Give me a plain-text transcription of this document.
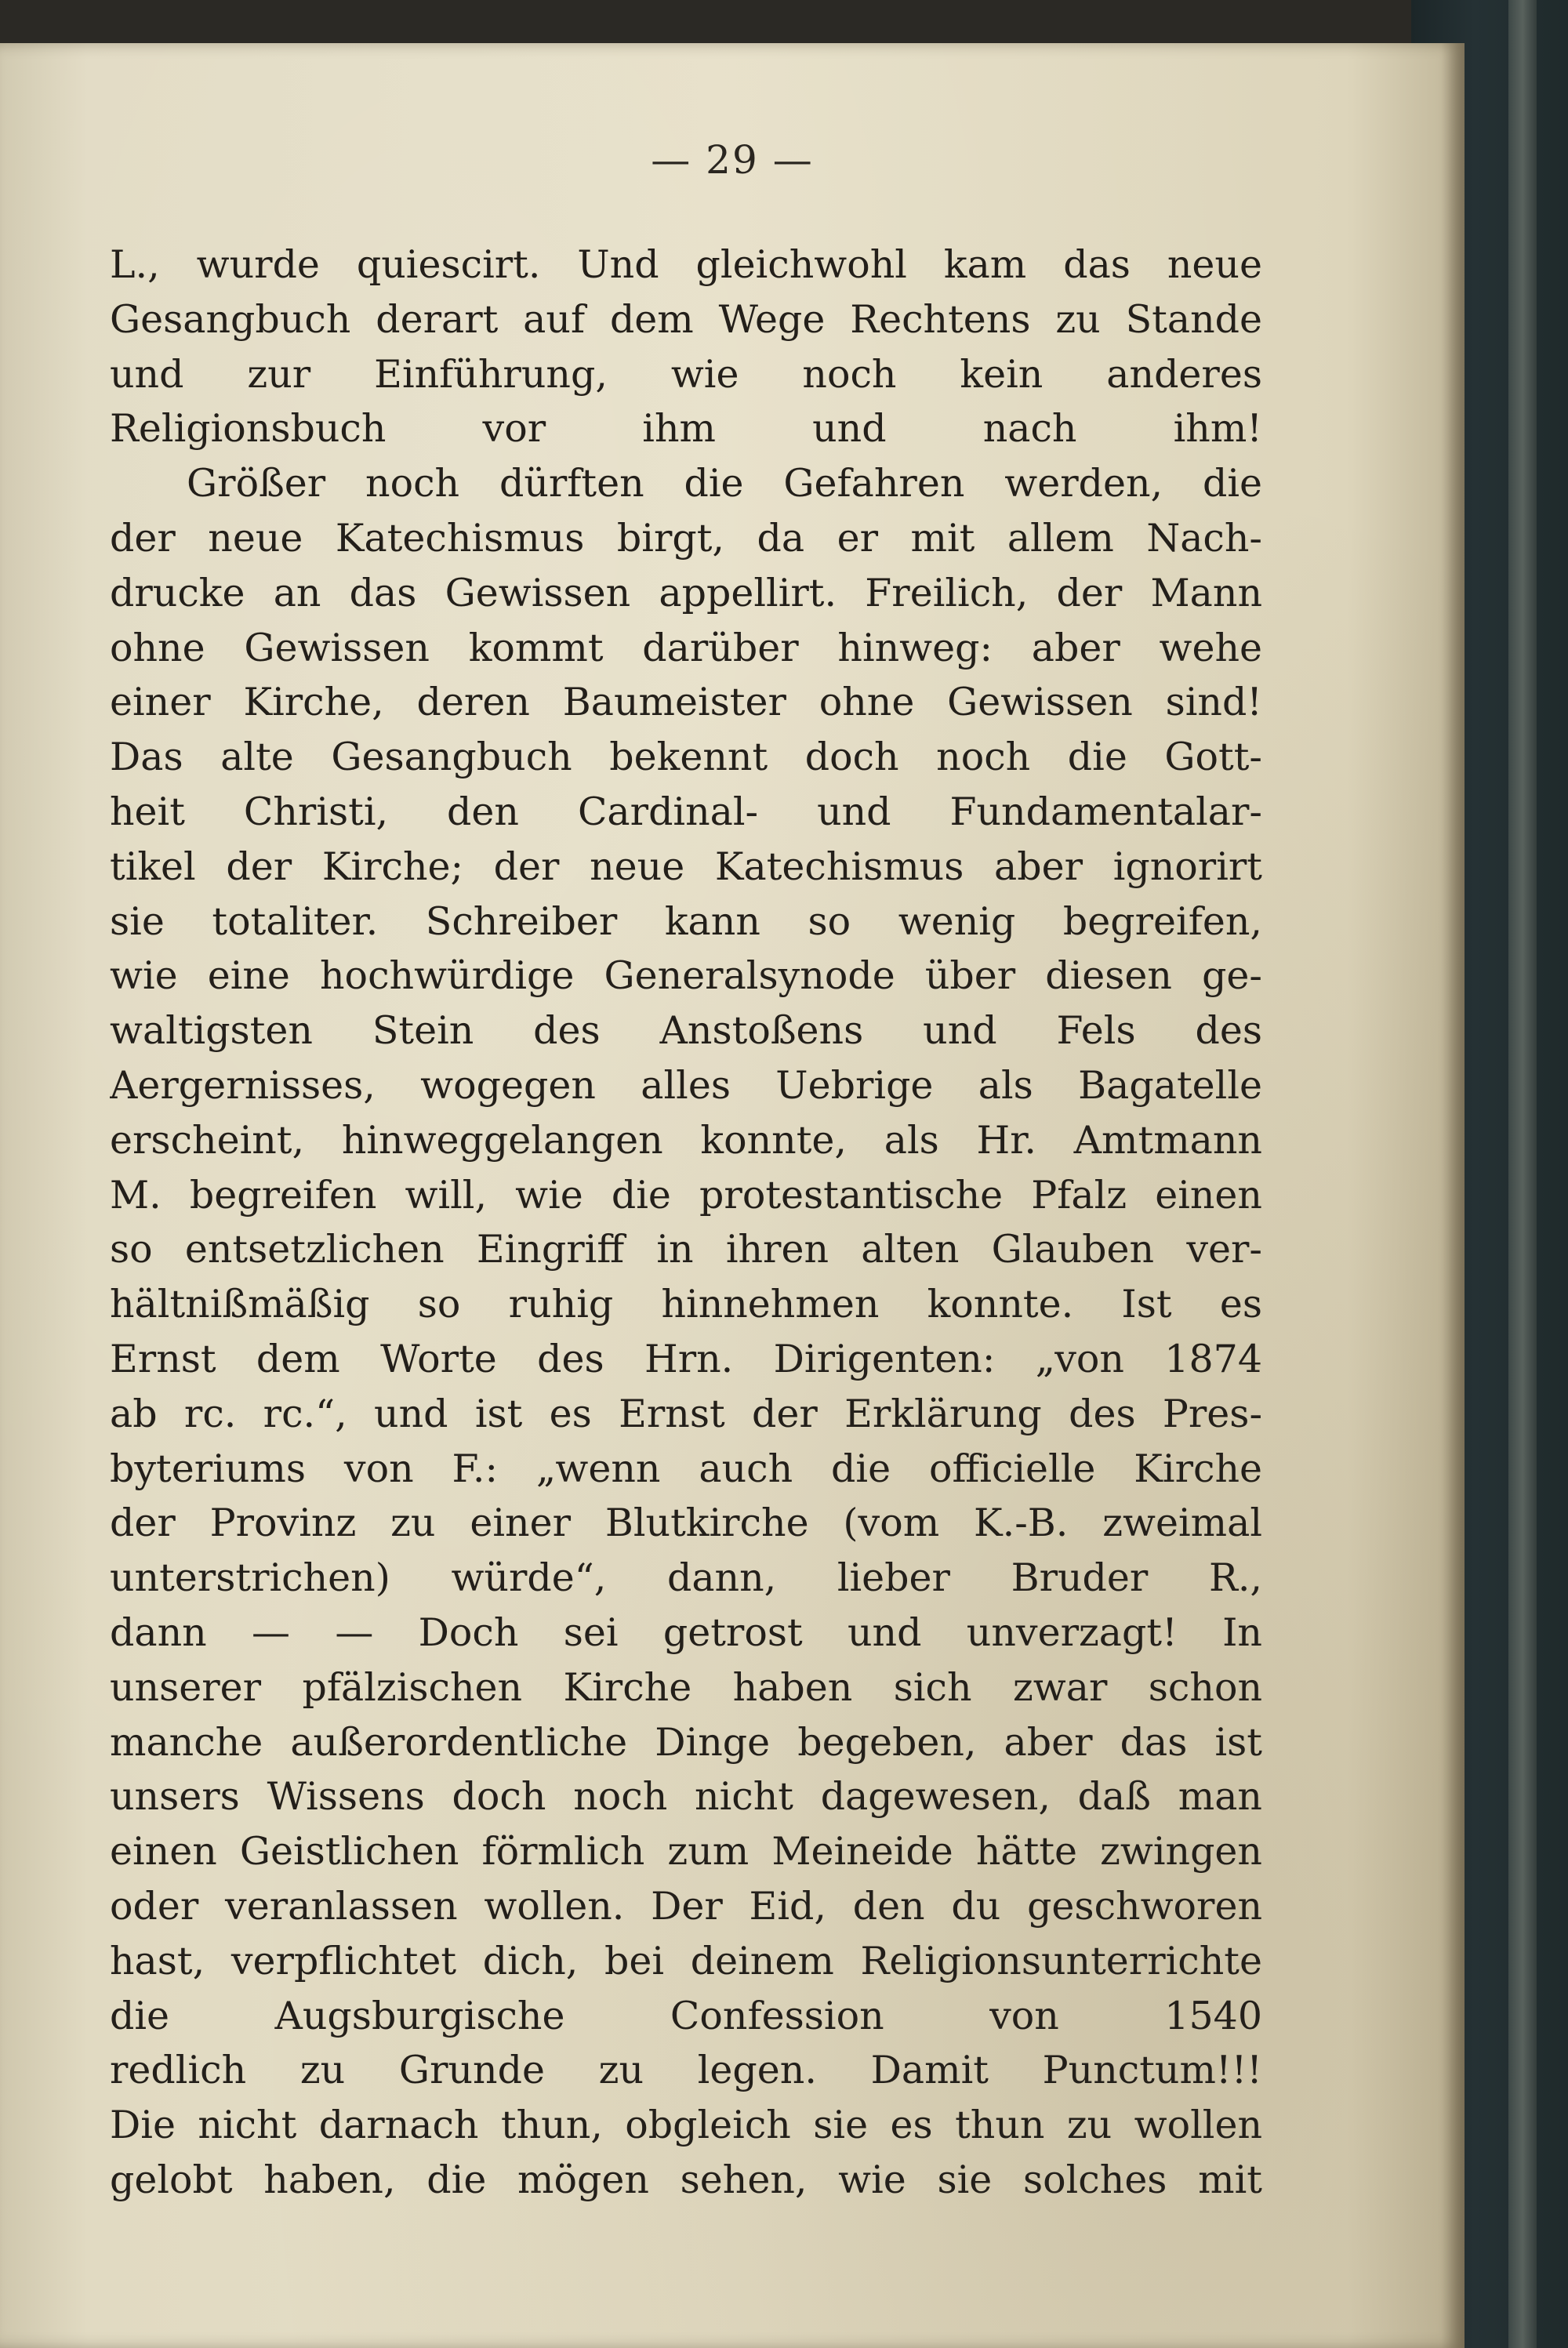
— 29 —
L., wurde quiescirt. Und gleichwohl kam das neue
Gesangbuch derart auf dem Wege Rechtens zu Stande
und zur Einführung, wie noch kein anderes
Religionsbuch vor ihm und nach ihm!
Größer noch dürften die Gefahren werden, die
der neue Katechismus birgt, da er mit allem Nach-
drucke an das Gewissen appellirt. Freilich, der Mann
ohne Gewissen kommt darüber hinweg: aber wehe
einer Kirche, deren Baumeister ohne Gewissen sind!
Das alte Gesangbuch bekennt doch noch die Gott-
heit Christi, den Cardinal- und Fundamentalar-
tikel der Kirche; der neue Katechismus aber ignorirt
sie totaliter. Schreiber kann so wenig begreifen,
wie eine hochwürdige Generalsynode über diesen ge-
waltigsten Stein des Anstoßens und Fels des
Aergernisses, wogegen alles Uebrige als Bagatelle
erscheint, hinweggelangen konnte, als Hr. Amtmann
M. begreifen will, wie die protestantische Pfalz einen
so entsetzlichen Eingriff in ihren alten Glauben ver-
hältnißmäßig so ruhig hinnehmen konnte. Ist es
Ernst dem Worte des Hrn. Dirigenten: „von 1874
ab rc. rc.“, und ist es Ernst der Erklärung des Pres-
byteriums von F.: „wenn auch die officielle Kirche
der Provinz zu einer Blutkirche (vom K.-B. zweimal
unterstrichen) würde“, dann, lieber Bruder R.,
dann — — Doch sei getrost und unverzagt! In
unserer pfälzischen Kirche haben sich zwar schon
manche außerordentliche Dinge begeben, aber das ist
unsers Wissens doch noch nicht dagewesen, daß man
einen Geistlichen förmlich zum Meineide hätte zwingen
oder veranlassen wollen. Der Eid, den du geschworen
hast, verpflichtet dich, bei deinem Religionsunterrichte
die Augsburgische Confession von 1540
redlich zu Grunde zu legen. Damit Punctum!!!
Die nicht darnach thun, obgleich sie es thun zu wollen
gelobt haben, die mögen sehen, wie sie solches mit
